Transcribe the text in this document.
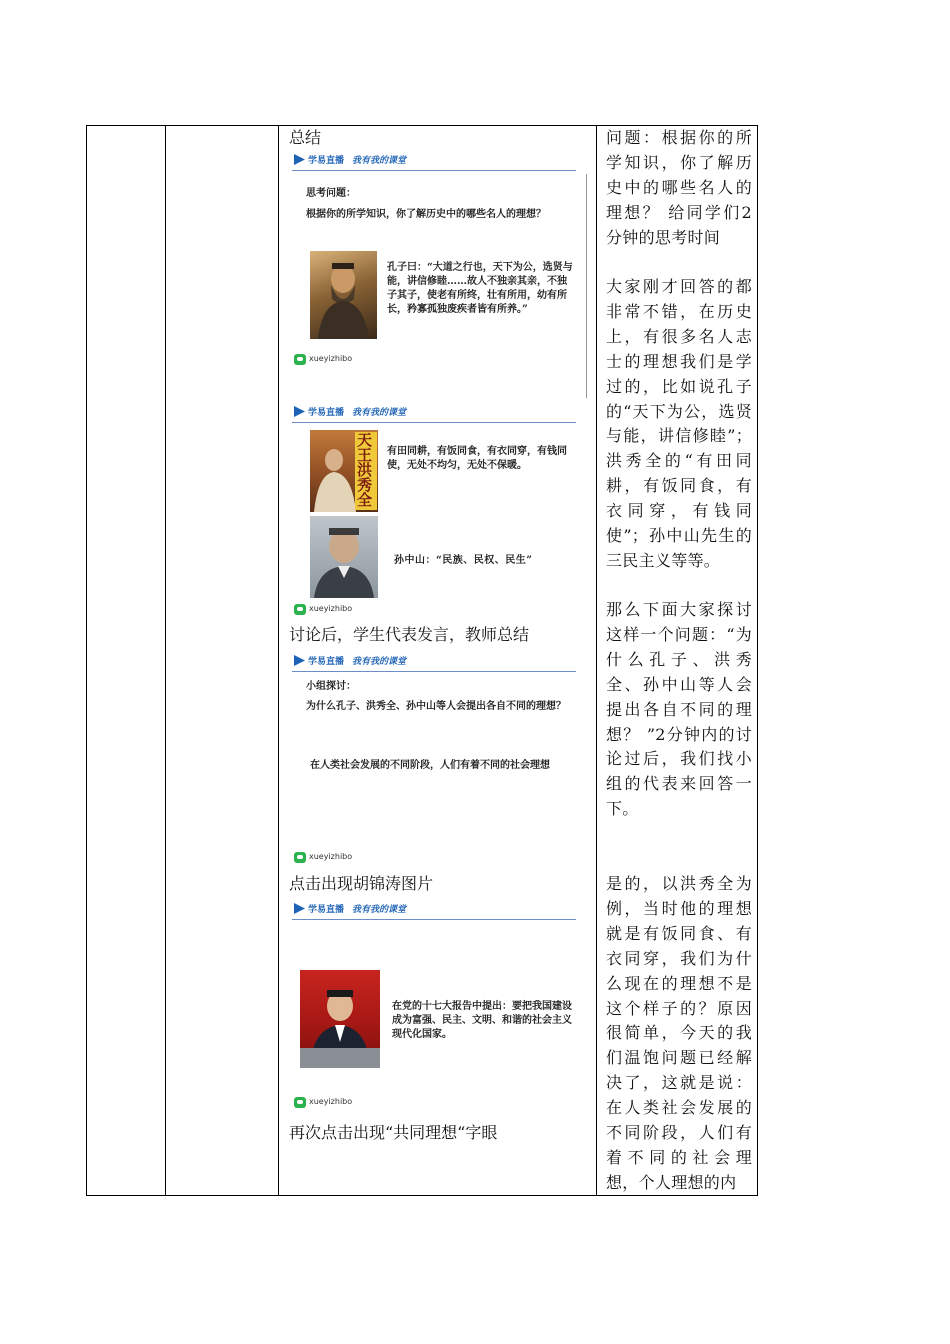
总结
讨论后，学生代表发言，教师总结
点击出现胡锦涛图片
再次点击出现“共同理想“字眼
学易直播 我有我的课堂
思考问题：
根据你的所学知识，你了解历史中的哪些名人的理想？
孔子曰：“大道之行也，天下为公，选贤与能，讲信修睦……故人不独亲其亲，不独子其子，使老有所终，壮有所用，幼有所长，矜寡孤独废疾者皆有所养。”
xueyizhibo
学易直播 我有我的课堂
天王洪秀全
有田同耕，有饭同食，有衣同穿，有钱同使，无处不均匀，无处不保暖。
孙中山：“民族、民权、民生”
xueyizhibo
学易直播 我有我的课堂
小组探讨：
为什么孔子、洪秀全、孙中山等人会提出各自不同的理想？
在人类社会发展的不同阶段，人们有着不同的社会理想
xueyizhibo
学易直播 我有我的课堂
在党的十七大报告中提出：要把我国建设成为富强、民主、文明、和谐的社会主义现代化国家。
xueyizhibo
问题：根据你的所学知识，你了解历史中的哪些名人的理想？ 给同学们2分钟的思考时间
大家刚才回答的都非常不错，在历史上，有很多名人志士的理想我们是学过的，比如说孔子的“天下为公，选贤与能，讲信修睦”；洪秀全的“有田同耕，有饭同食，有衣同穿，有钱同使”；孙中山先生的三民主义等等。
那么下面大家探讨这样一个问题：“为什么孔子、洪秀全、孙中山等人会提出各自不同的理想？ ”2分钟内的讨论过后，我们找小组的代表来回答一下。
是的，以洪秀全为例，当时他的理想就是有饭同食、有衣同穿，我们为什么现在的理想不是这个样子的？原因很简单，今天的我们温饱问题已经解决了，这就是说：在人类社会发展的不同阶段，人们有着不同的社会理想，个人理想的内
